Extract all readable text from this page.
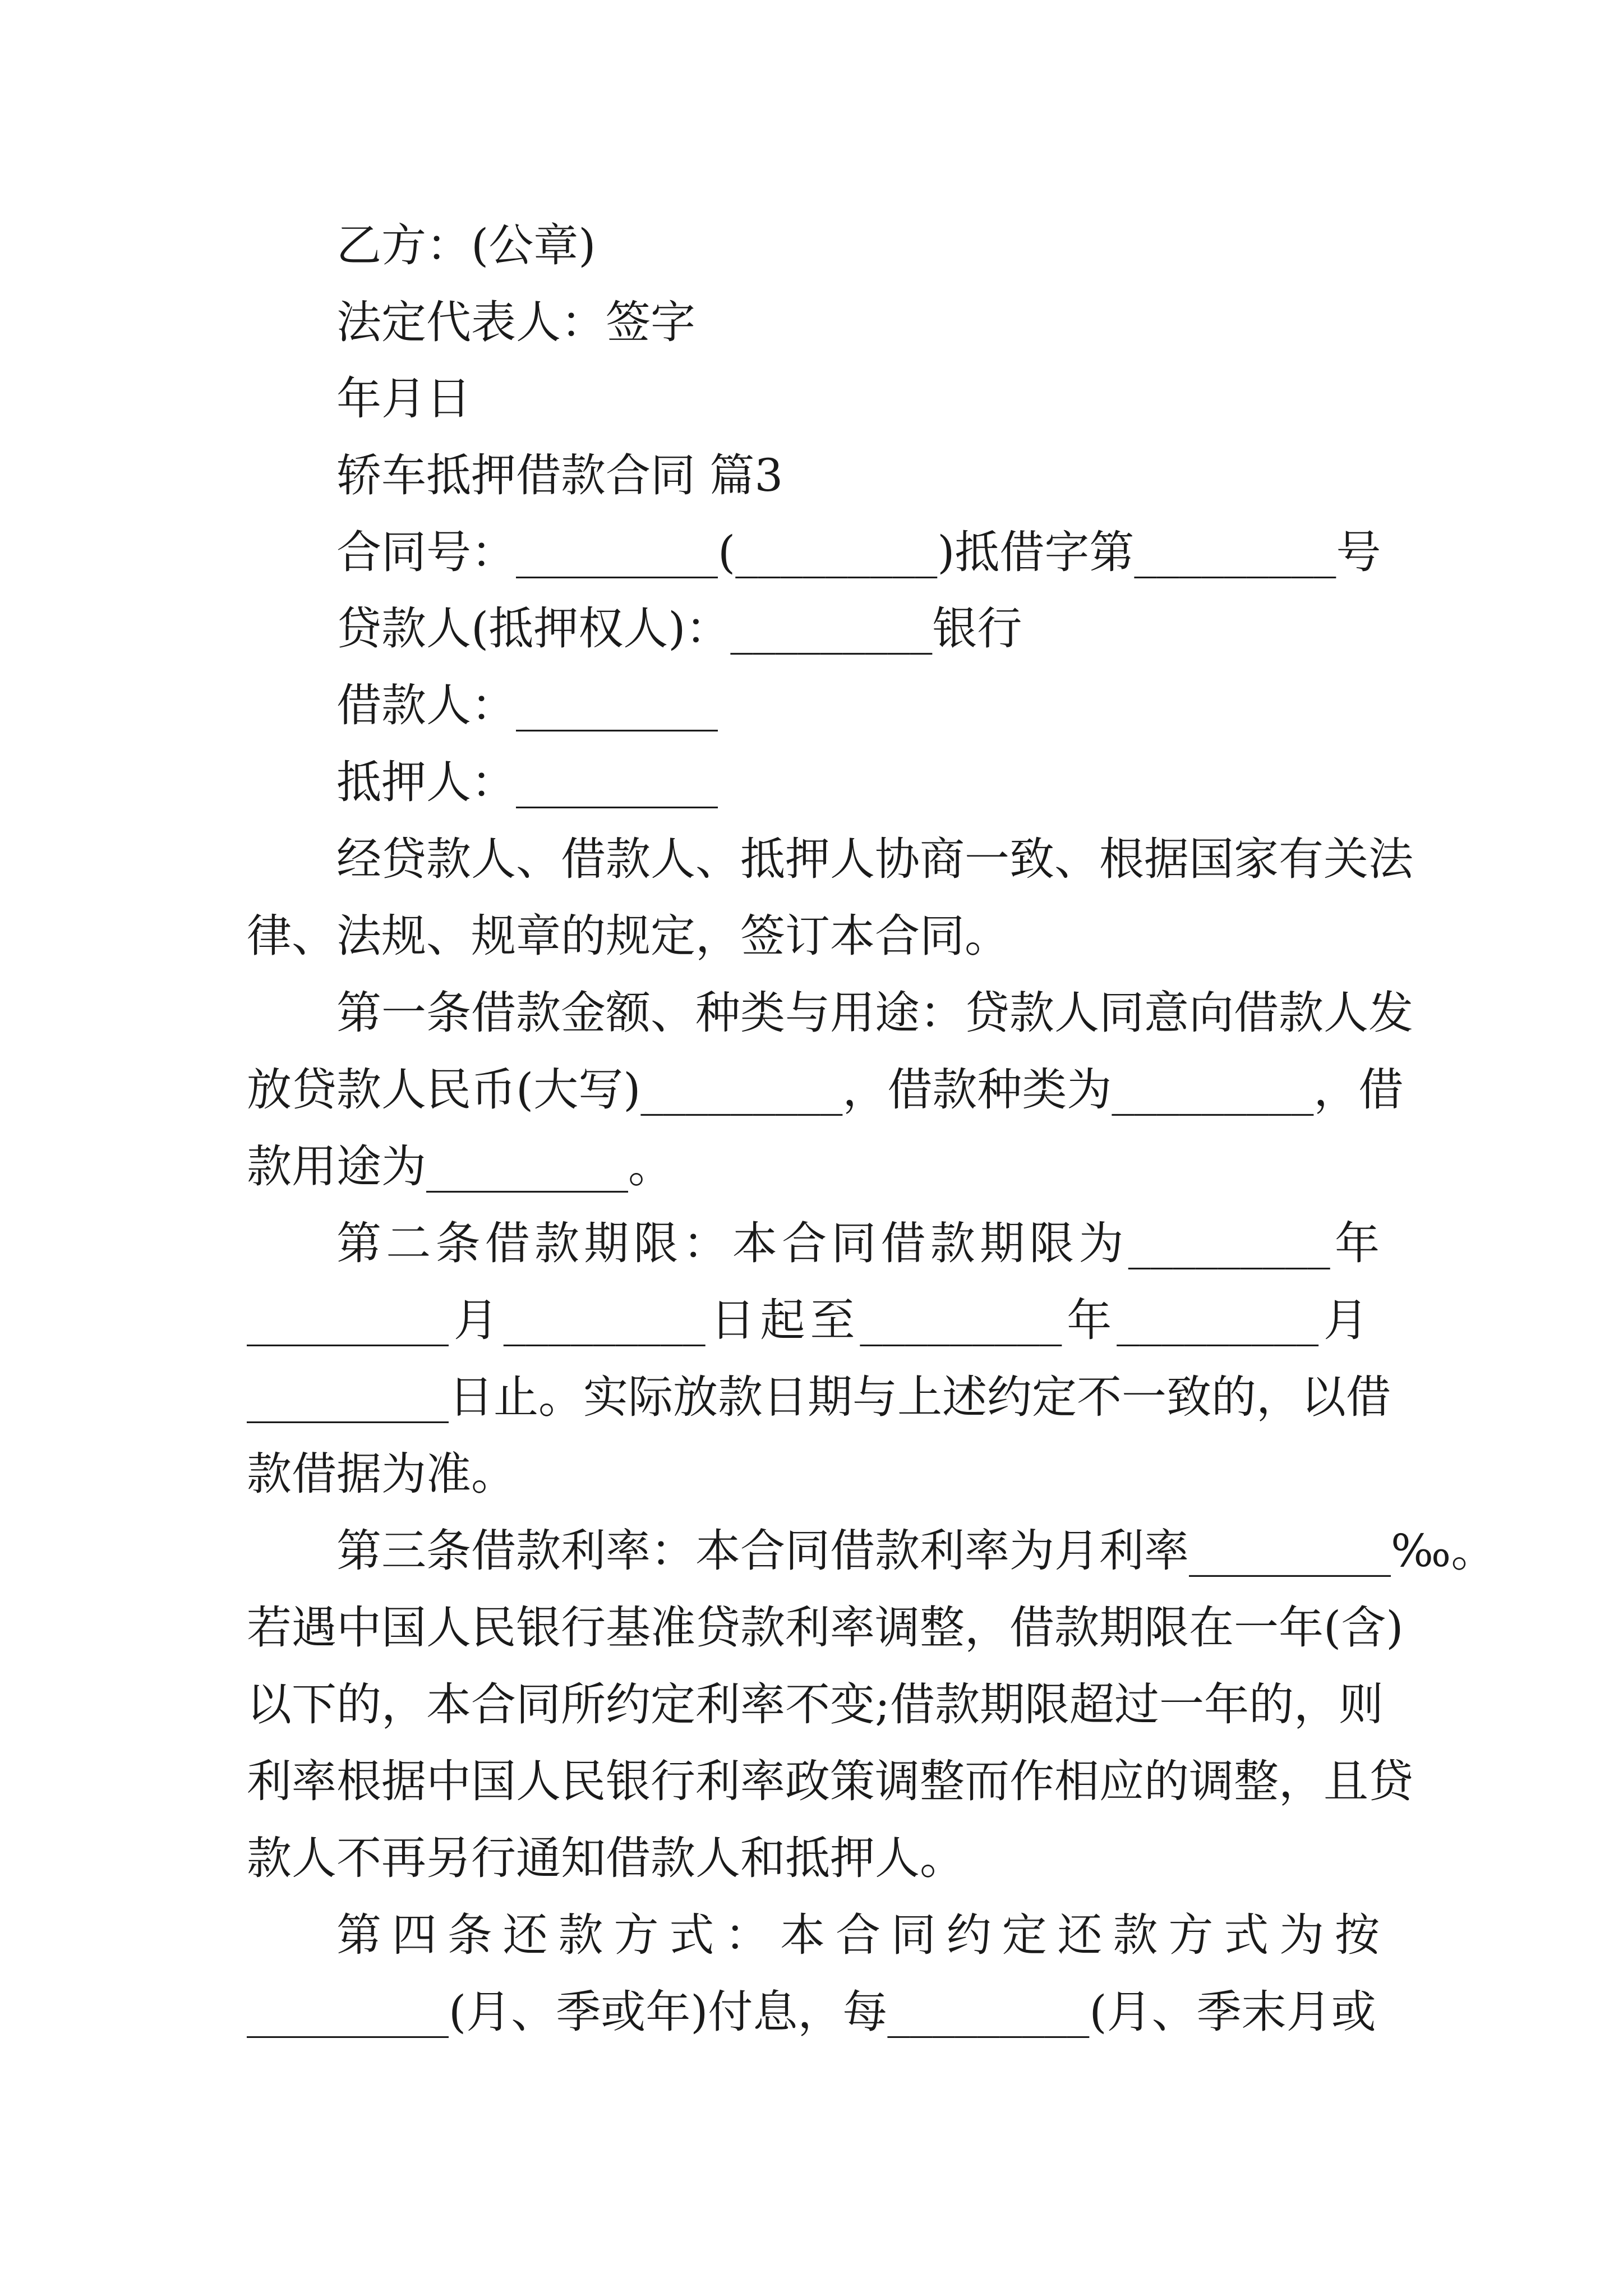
乙方：(公章)
法定代表人：签字
年月日
轿车抵押借款合同 篇3
合同号：_________(_________)抵借字第_________号
贷款人(抵押权人)：_________银行
借款人：_________
抵押人：_________
经贷款人、借款人、抵押人协商一致、根据国家有关法
律、法规、规章的规定，签订本合同。
第一条借款金额、种类与用途：贷款人同意向借款人发
放贷款人民币(大写)_________，借款种类为_________，借
款用途为_________。
第二条借款期限：本合同借款期限为_________年
_________月_________日起至_________年_________月
_________日止。实际放款日期与上述约定不一致的，以借
款借据为准。
第三条借款利率：本合同借款利率为月利率_________‰。
若遇中国人民银行基准贷款利率调整，借款期限在一年(含)
以下的，本合同所约定利率不变;借款期限超过一年的，则
利率根据中国人民银行利率政策调整而作相应的调整，且贷
款人不再另行通知借款人和抵押人。
第四条还款方式：本合同约定还款方式为按
_________(月、季或年)付息，每_________(月、季末月或
